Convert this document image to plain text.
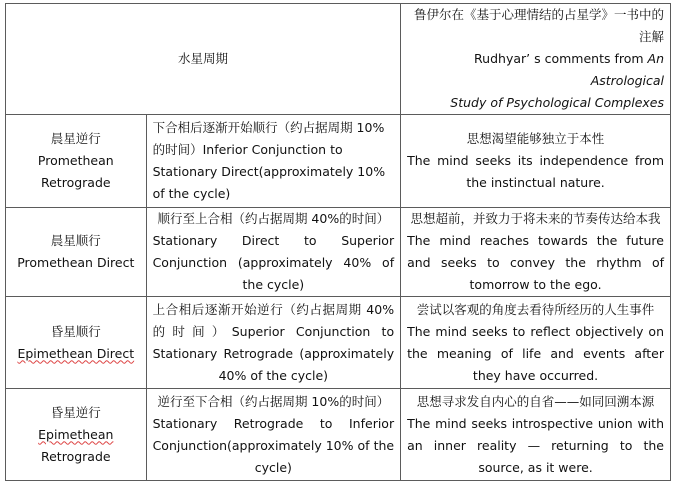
水星周期		鲁伊尔在《基于心理情结的占星学》一书中的注解
Rudhyar’ s comments from An Astrological
Study of Psychological Complexes

晨星逆行
Promethean
Retrograde	下合相后逐渐开始顺行（约占据周期 10%的时间）Inferior Conjunction to Stationary Direct(approximately 10% of the cycle)	思想渴望能够独立于本性
The mind seeks its independence from the instinctual nature.

晨星顺行
Promethean Direct	顺行至上合相（约占据周期 40%的时间）
Stationary Direct to Superior Conjunction (approximately 40% of the cycle)	思想超前，并致力于将未来的节奏传达给本我
The mind reaches towards the future and seeks to convey the rhythm of tomorrow to the ego.

昏星顺行
Epimethean Direct	上合相后逐渐开始逆行（约占据周期 40%的时间）Superior Conjunction to Stationary Retrograde (approximately 40% of the cycle)	尝试以客观的角度去看待所经历的人生事件
The mind seeks to reflect objectively on the meaning of life and events after they have occurred.

昏星逆行
Epimethean
Retrograde	逆行至下合相（约占据周期 10%的时间）
Stationary Retrograde to Inferior Conjunction(approximately 10% of the cycle)	思想寻求发自内心的自省——如同回溯本源
The mind seeks introspective union with an inner reality — returning to the source, as it were.
